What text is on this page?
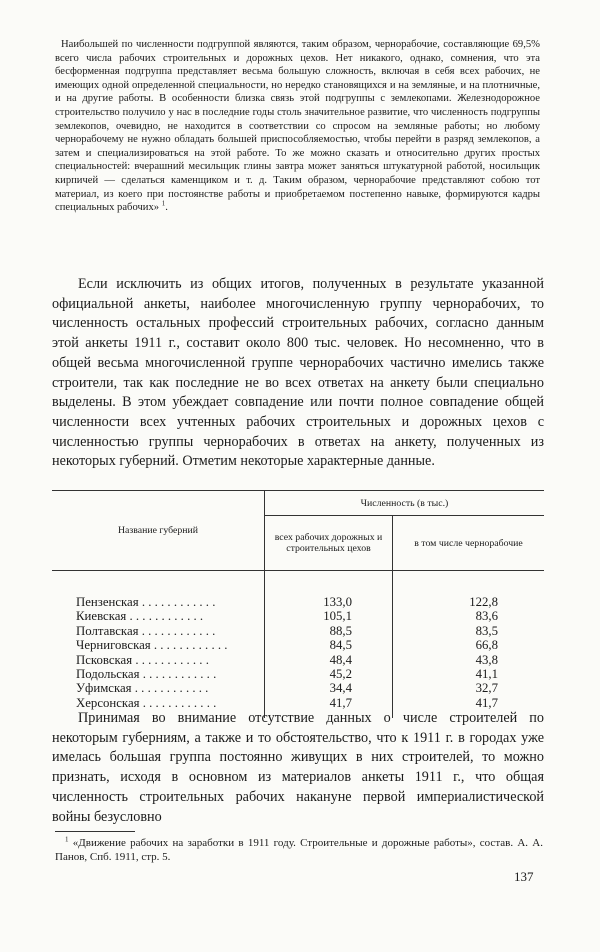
Наибольшей по численности подгруппой являются, таким образом, чернорабочие, составляющие 69,5% всего числа рабочих строительных и дорожных цехов. Нет никакого, однако, сомнения, что эта бесформенная подгруппа представляет весьма большую сложность, включая в себя всех рабочих, не имеющих одной определенной специальности, но нередко становящихся и на земляные, и на плотничные, и на другие работы. В особенности близка связь этой подгруппы с землекопами. Железнодорожное строительство получило у нас в последние годы столь значительное развитие, что численность подгруппы землекопов, очевидно, не находится в соответствии со спросом на земляные работы; но любому чернорабочему не нужно обладать большей приспособляемостью, чтобы перейти в разряд землекопов, а затем и специализироваться на этой работе. То же можно сказать и относительно других простых специальностей: вчерашний месильщик глины завтра может заняться штукатурной работой, носильщик кирпичей — сделаться каменщиком и т. д. Таким образом, чернорабочие представляют собою тот материал, из коего при постоянстве работы и приобретаемом постепенно навыке, формируются кадры специальных рабочих» $^1$.

Если исключить из общих итогов, полученных в результате указанной официальной анкеты, наиболее многочисленную группу чернорабочих, то численность остальных профессий строительных рабочих, согласно данным этой анкеты 1911 г., составит около 800 тыс. человек. Но несомненно, что в общей весьма многочисленной группе чернорабочих частично имелись также строители, так как последние не во всех ответах на анкету были специально выделены. В этом убеждает совпадение или почти полное совпадение общей численности всех учтенных рабочих строительных и дорожных цехов с численностью группы чернорабочих в ответах на анкету, полученных из некоторых губерний. Отметим некоторые характерные данные.

Название губерний	Численность (в тыс.)	
	всех рабочих дорожных и строительных цехов	в том числе чернорабочие

Пензенская . . . . . . . . . . . .	133,0	122,8
Киевская . . . . . . . . . . . .	105,1	83,6
Полтавская . . . . . . . . . . . .	88,5	83,5
Черниговская . . . . . . . . . . . .	84,5	66,8
Псковская . . . . . . . . . . . .	48,4	43,8
Подольская . . . . . . . . . . . .	45,2	41,1
Уфимская . . . . . . . . . . . .	34,4	32,7
Херсонская . . . . . . . . . . . .	41,7	41,7

Принимая во внимание отсутствие данных о числе строителей по некоторым губерниям, а также и то обстоятельство, что к 1911 г. в городах уже имелась большая группа постоянно живущих в них строителей, то можно признать, исходя в основном из материалов анкеты 1911 г., что общая численность строительных рабочих накануне первой империалистической войны безусловно

$^1$ «Движение рабочих на заработки в 1911 году. Строительные и дорожные работы», состав. А. А. Панов, Спб. 1911, стр. 5.

137
